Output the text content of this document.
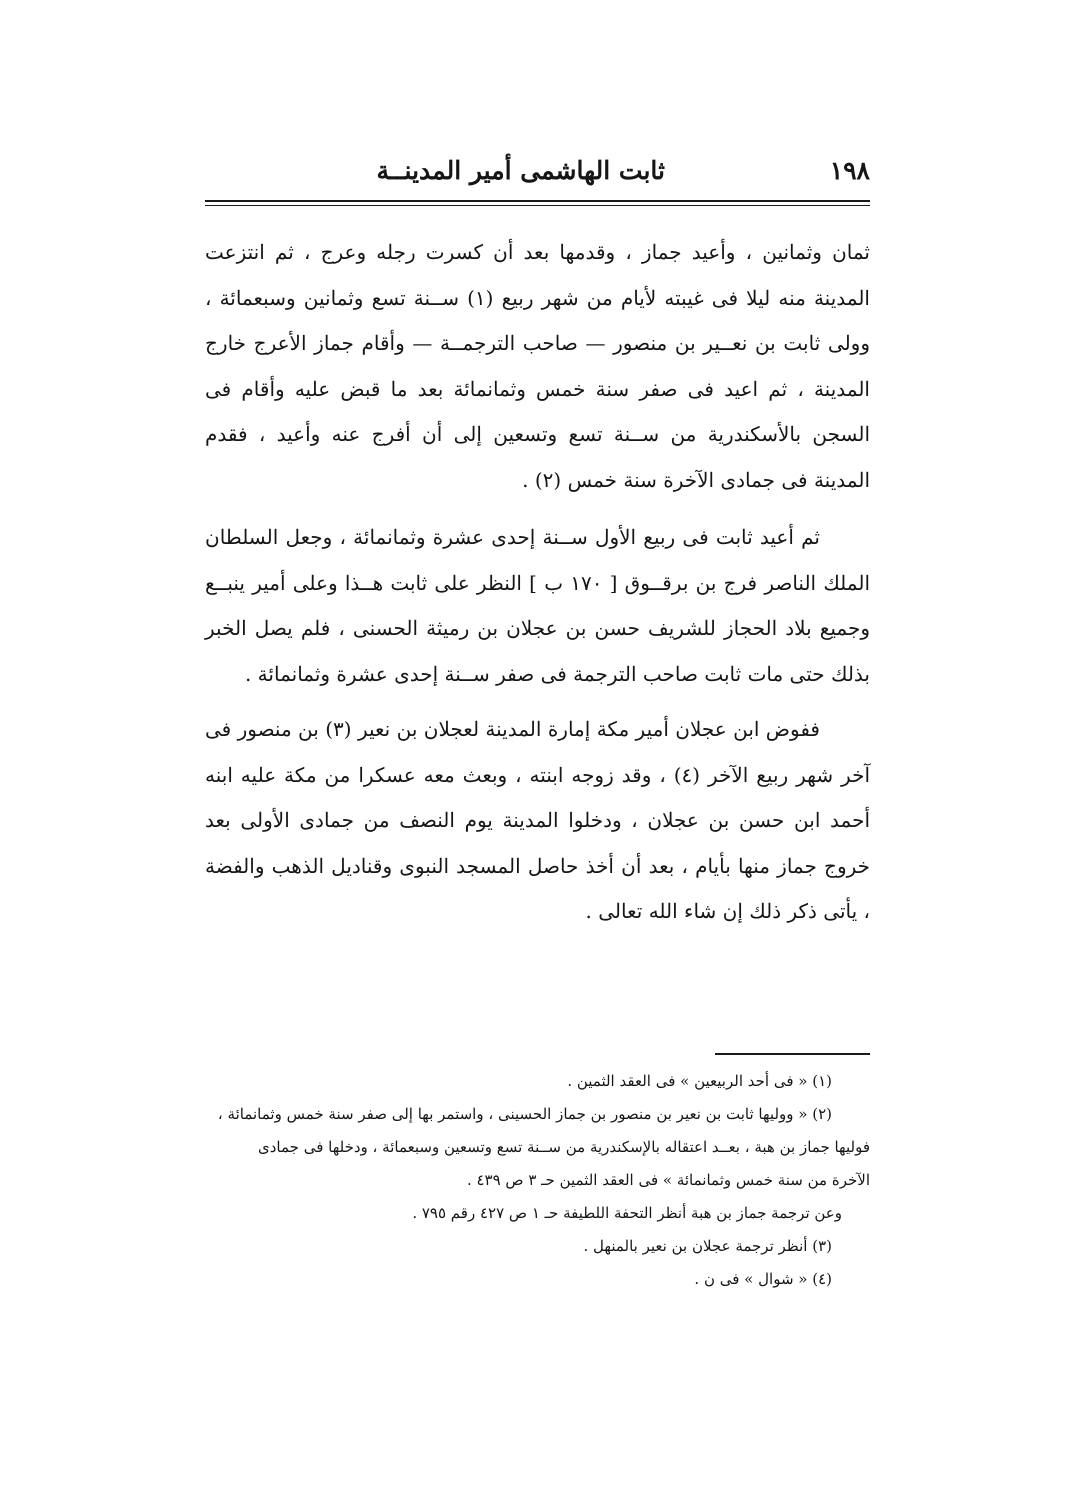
١٩٨
ثابت الهاشمى أمير المدينــة

ثمان وثمانين ، وأعيد جماز ، وقدمها بعد أن كسرت رجله وعرج ، ثم انتزعت المدينة منه ليلا فى غيبته لأيام من شهر ربيع (١) ســنة تسع وثمانين وسبعمائة ، وولى ثابت بن نعــير بن منصور — صاحب الترجمــة — وأقام جماز الأعرج خارج المدينة ، ثم اعيد فى صفر سنة خمس وثمانمائة بعد ما قبض عليه وأقام فى السجن بالأسكندرية من ســنة تسع وتسعين إلى أن أفرج عنه وأعيد ، فقدم المدينة فى جمادى الآخرة سنة خمس (٢) .

ثم أعيد ثابت فى ربيع الأول ســنة إحدى عشرة وثمانمائة ، وجعل السلطان الملك الناصر فرج بن برقــوق [ ١٧٠ ب ] النظر على ثابت هــذا وعلى أمير ينبــع وجميع بلاد الحجاز للشريف حسن بن عجلان بن رميثة الحسنى ، فلم يصل الخبر بذلك حتى مات ثابت صاحب الترجمة فى صفر ســنة إحدى عشرة وثمانمائة .

ففوض ابن عجلان أمير مكة إمارة المدينة لعجلان بن نعير (٣) بن منصور فى آخر شهر ربيع الآخر (٤) ، وقد زوجه ابنته ، وبعث معه عسكرا من مكة عليه ابنه أحمد ابن حسن بن عجلان ، ودخلوا المدينة يوم النصف من جمادى الأولى بعد خروج جماز منها بأيام ، بعد أن أخذ حاصل المسجد النبوى وقناديل الذهب والفضة ، يأتى ذكر ذلك إن شاء الله تعالى .

(١) « فى أحد الربيعين » فى العقد الثمين .

(٢) « ووليها ثابت بن نعير بن منصور بن جماز الحسينى ، واستمر بها إلى صفر سنة خمس وثمانمائة ،

فوليها جماز بن هبة ، بعــد اعتقاله بالإسكندرية من ســنة تسع وتسعين وسبعمائة ، ودخلها فى جمادى

الآخرة من سنة خمس وثمانمائة » فى العقد الثمين حـ ٣ ص ٤٣٩ .

وعن ترجمة جماز بن هبة أنظر التحفة اللطيفة حـ ١ ص ٤٢٧ رقم ٧٩٥ .

(٣) أنظر ترجمة عجلان بن نعير بالمنهل .

(٤) « شوال » فى ن .
